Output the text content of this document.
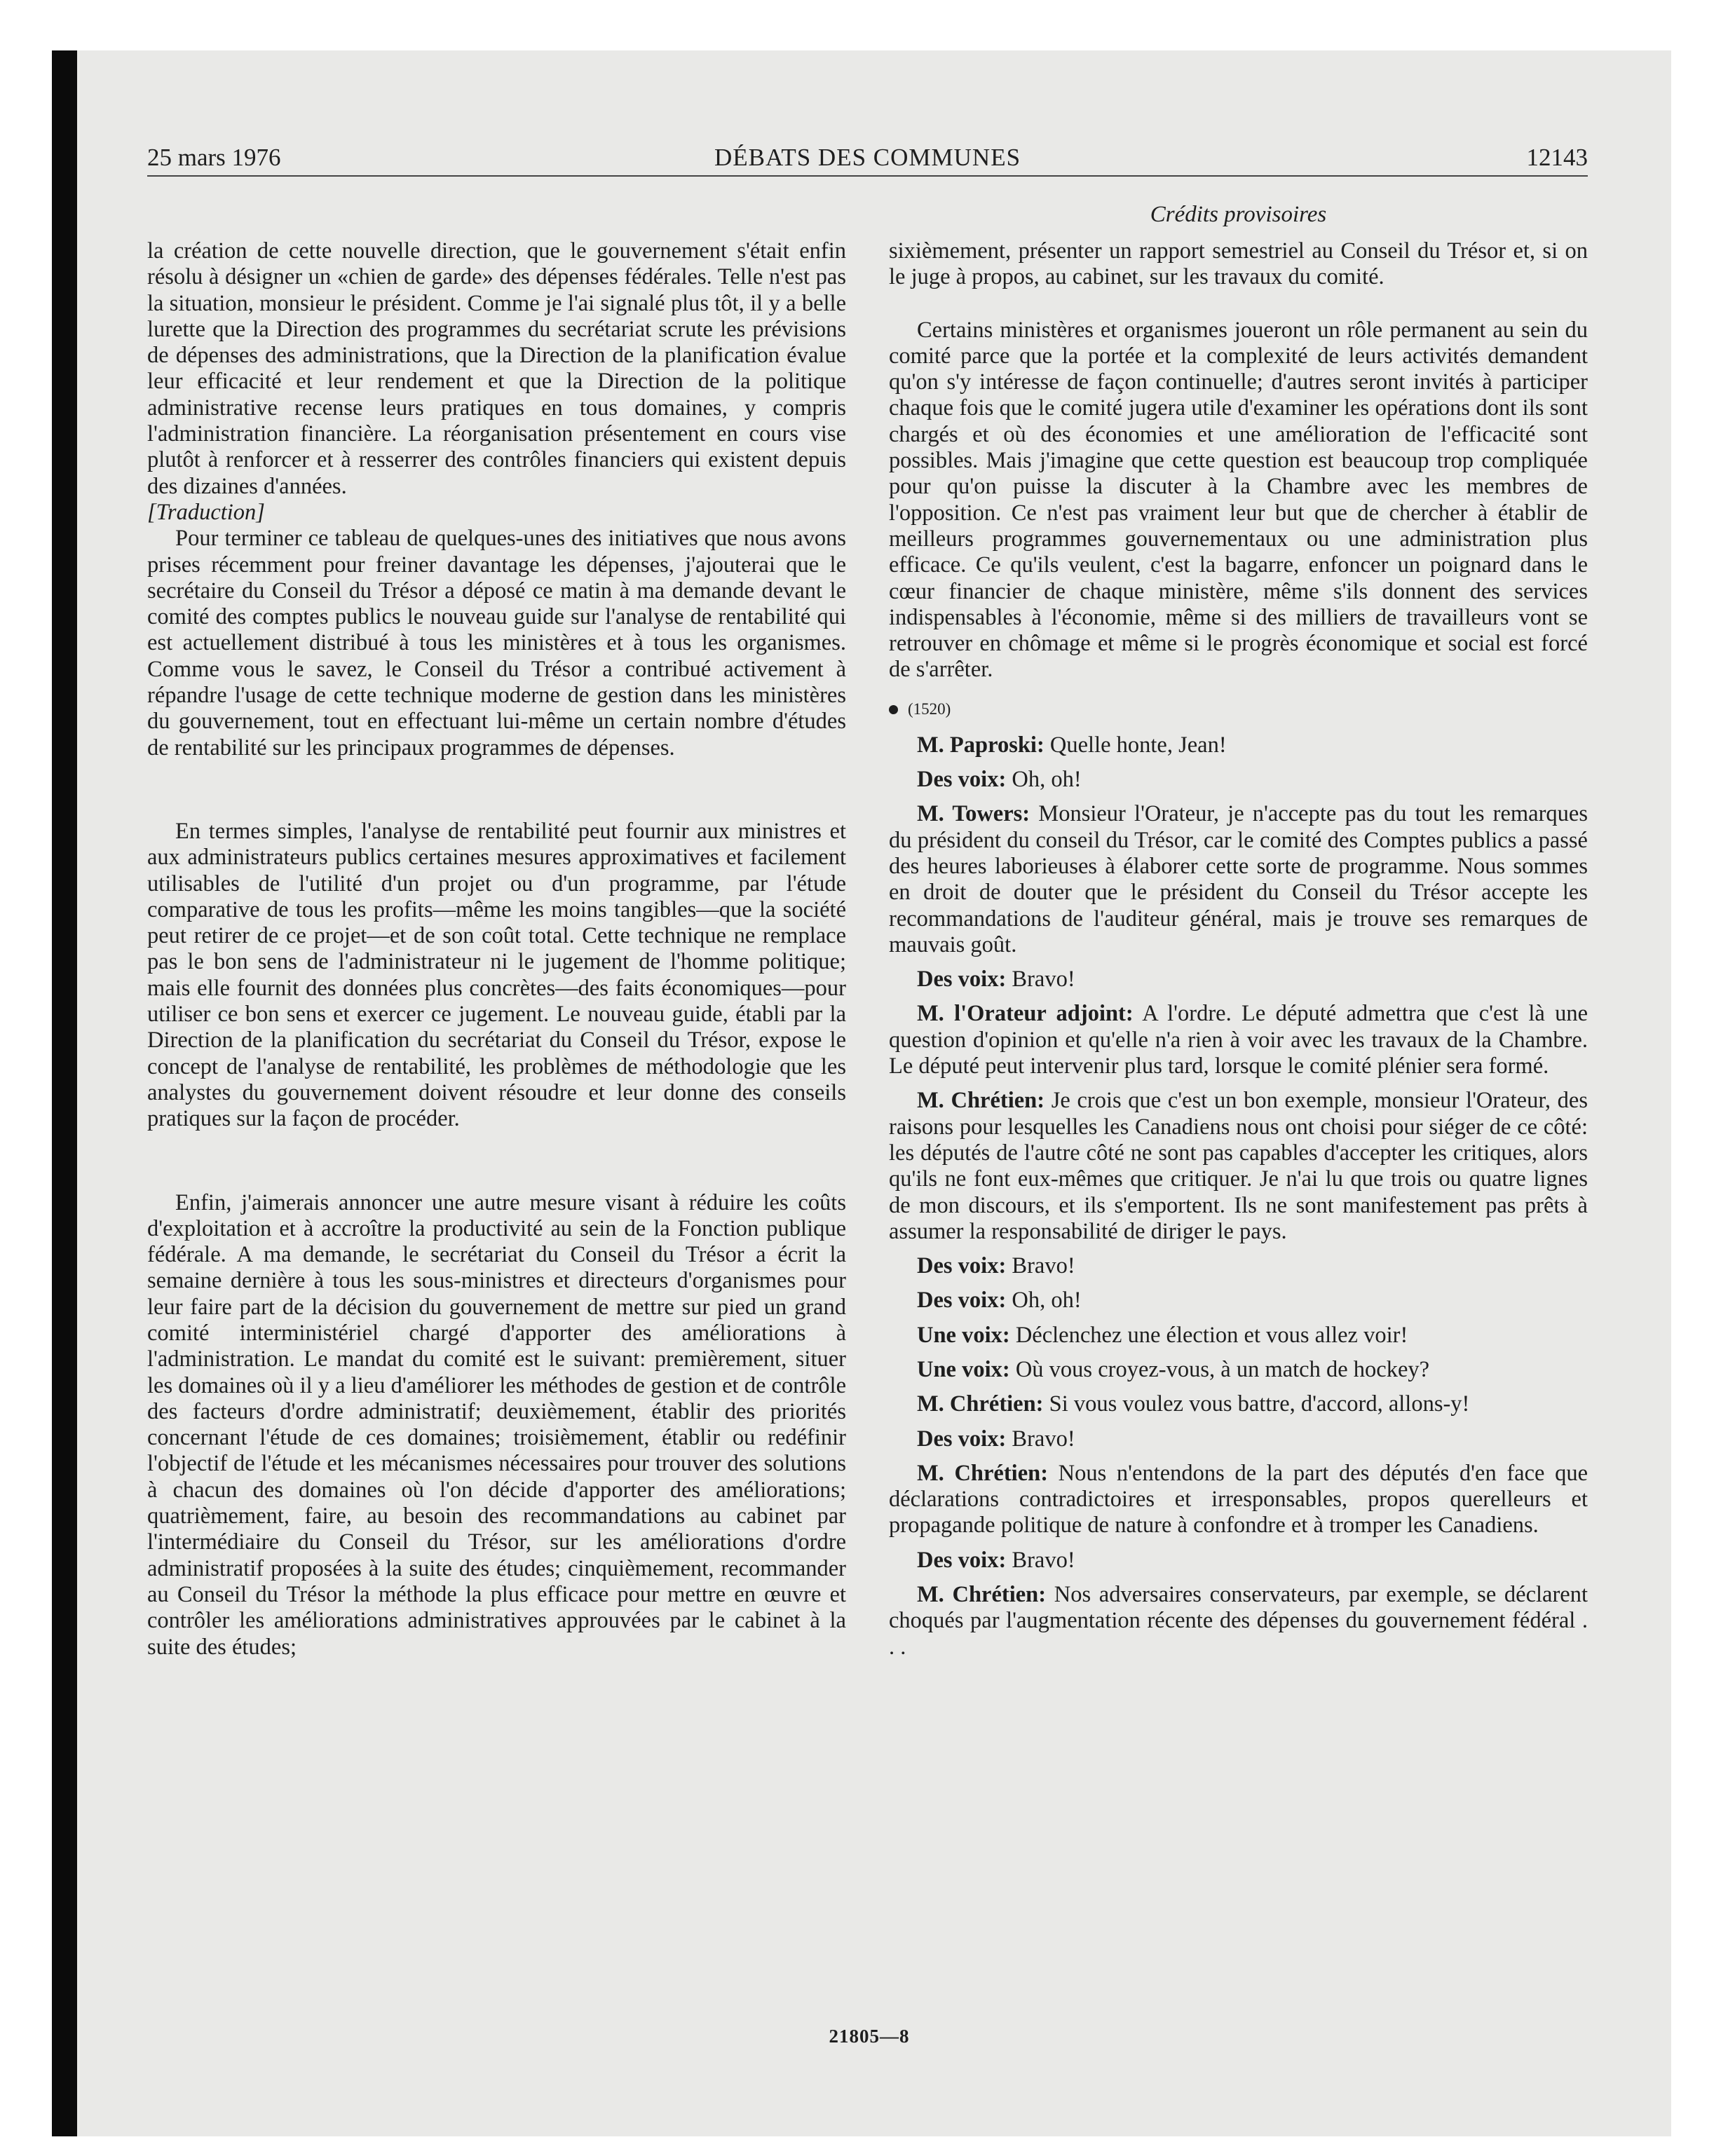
25 mars 1976	DÉBATS DES COMMUNES	12143
Crédits provisoires

la création de cette nouvelle direction, que le gouvernement s'était enfin résolu à désigner un «chien de garde» des dépenses fédérales. Telle n'est pas la situation, monsieur le président. Comme je l'ai signalé plus tôt, il y a belle lurette que la Direction des programmes du secrétariat scrute les prévisions de dépenses des administrations, que la Direction de la planification évalue leur efficacité et leur rendement et que la Direction de la politique administrative recense leurs pratiques en tous domaines, y compris l'administration financière. La réorganisation présentement en cours vise plutôt à renforcer et à resserrer des contrôles financiers qui existent depuis des dizaines d'années.

[Traduction]

Pour terminer ce tableau de quelques-unes des initiatives que nous avons prises récemment pour freiner davantage les dépenses, j'ajouterai que le secrétaire du Conseil du Trésor a déposé ce matin à ma demande devant le comité des comptes publics le nouveau guide sur l'analyse de rentabilité qui est actuellement distribué à tous les ministères et à tous les organismes. Comme vous le savez, le Conseil du Trésor a contribué activement à répandre l'usage de cette technique moderne de gestion dans les ministères du gouvernement, tout en effectuant lui-même un certain nombre d'études de rentabilité sur les principaux programmes de dépenses.

En termes simples, l'analyse de rentabilité peut fournir aux ministres et aux administrateurs publics certaines mesures approximatives et facilement utilisables de l'utilité d'un projet ou d'un programme, par l'étude comparative de tous les profits—même les moins tangibles—que la société peut retirer de ce projet—et de son coût total. Cette technique ne remplace pas le bon sens de l'administrateur ni le jugement de l'homme politique; mais elle fournit des données plus concrètes—des faits économiques—pour utiliser ce bon sens et exercer ce jugement. Le nouveau guide, établi par la Direction de la planification du secrétariat du Conseil du Trésor, expose le concept de l'analyse de rentabilité, les problèmes de méthodologie que les analystes du gouvernement doivent résoudre et leur donne des conseils pratiques sur la façon de procéder.

Enfin, j'aimerais annoncer une autre mesure visant à réduire les coûts d'exploitation et à accroître la productivité au sein de la Fonction publique fédérale. A ma demande, le secrétariat du Conseil du Trésor a écrit la semaine dernière à tous les sous-ministres et directeurs d'organismes pour leur faire part de la décision du gouvernement de mettre sur pied un grand comité interministériel chargé d'apporter des améliorations à l'administration. Le mandat du comité est le suivant: premièrement, situer les domaines où il y a lieu d'améliorer les méthodes de gestion et de contrôle des facteurs d'ordre administratif; deuxièmement, établir des priorités concernant l'étude de ces domaines; troisièmement, établir ou redéfinir l'objectif de l'étude et les mécanismes nécessaires pour trouver des solutions à chacun des domaines où l'on décide d'apporter des améliorations; quatrièmement, faire, au besoin des recommandations au cabinet par l'intermédiaire du Conseil du Trésor, sur les améliorations d'ordre administratif proposées à la suite des études; cinquièmement, recommander au Conseil du Trésor la méthode la plus efficace pour mettre en œuvre et contrôler les améliorations administratives approuvées par le cabinet à la suite des études;

sixièmement, présenter un rapport semestriel au Conseil du Trésor et, si on le juge à propos, au cabinet, sur les travaux du comité.

Certains ministères et organismes joueront un rôle permanent au sein du comité parce que la portée et la complexité de leurs activités demandent qu'on s'y intéresse de façon continuelle; d'autres seront invités à participer chaque fois que le comité jugera utile d'examiner les opérations dont ils sont chargés et où des économies et une amélioration de l'efficacité sont possibles. Mais j'imagine que cette question est beaucoup trop compliquée pour qu'on puisse la discuter à la Chambre avec les membres de l'opposition. Ce n'est pas vraiment leur but que de chercher à établir de meilleurs programmes gouvernementaux ou une administration plus efficace. Ce qu'ils veulent, c'est la bagarre, enfoncer un poignard dans le cœur financier de chaque ministère, même s'ils donnent des services indispensables à l'économie, même si des milliers de travailleurs vont se retrouver en chômage et même si le progrès économique et social est forcé de s'arrêter.

(1520)

M. Paproski: Quelle honte, Jean!

Des voix: Oh, oh!

M. Towers: Monsieur l'Orateur, je n'accepte pas du tout les remarques du président du conseil du Trésor, car le comité des Comptes publics a passé des heures laborieuses à élaborer cette sorte de programme. Nous sommes en droit de douter que le président du Conseil du Trésor accepte les recommandations de l'auditeur général, mais je trouve ses remarques de mauvais goût.

Des voix: Bravo!

M. l'Orateur adjoint: A l'ordre. Le député admettra que c'est là une question d'opinion et qu'elle n'a rien à voir avec les travaux de la Chambre. Le député peut intervenir plus tard, lorsque le comité plénier sera formé.

M. Chrétien: Je crois que c'est un bon exemple, monsieur l'Orateur, des raisons pour lesquelles les Canadiens nous ont choisi pour siéger de ce côté: les députés de l'autre côté ne sont pas capables d'accepter les critiques, alors qu'ils ne font eux-mêmes que critiquer. Je n'ai lu que trois ou quatre lignes de mon discours, et ils s'emportent. Ils ne sont manifestement pas prêts à assumer la responsabilité de diriger le pays.

Des voix: Bravo!

Des voix: Oh, oh!

Une voix: Déclenchez une élection et vous allez voir!

Une voix: Où vous croyez-vous, à un match de hockey?

M. Chrétien: Si vous voulez vous battre, d'accord, allons-y!

Des voix: Bravo!

M. Chrétien: Nous n'entendons de la part des députés d'en face que déclarations contradictoires et irresponsables, propos querelleurs et propagande politique de nature à confondre et à tromper les Canadiens.

Des voix: Bravo!

M. Chrétien: Nos adversaires conservateurs, par exemple, se déclarent choqués par l'augmentation récente des dépenses du gouvernement fédéral . . .

21805—8
